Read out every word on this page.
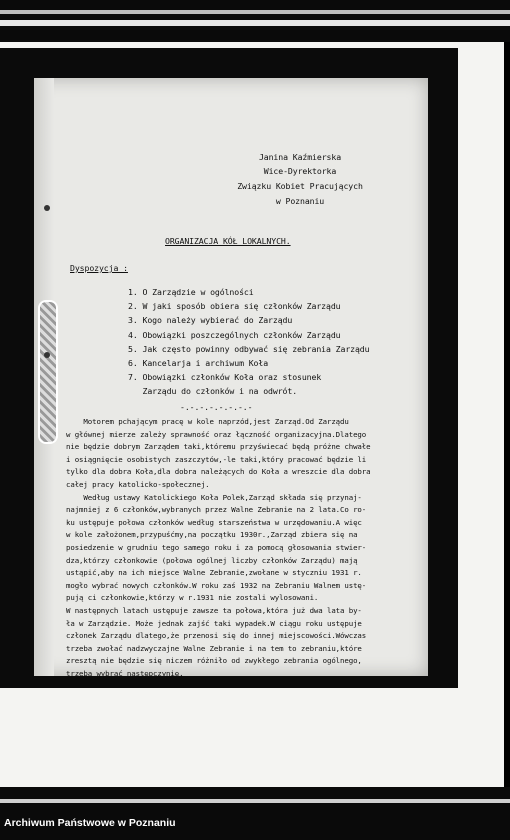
Janina Kaźmierska
Wice-Dyrektorka
Związku Kobiet Pracujących
w Poznaniu
ORGANIZACJA KÓŁ LOKALNYCH.
Dyspozycja :
1. O Zarządzie w ogólności
2. W jaki sposób obiera się członków Zarządu
3. Kogo należy wybierać do Zarządu
4. Obowiązki poszczególnych członków Zarządu
5. Jak często powinny odbywać się zebrania Zarządu
6. Kancelarja i archiwum Koła
7. Obowiązki członków Koła oraz stosunek
Zarządu do członków i na odwrót.
-.-.-.-.-.-.-.-
Motorem pchającym pracę w kole naprzód,jest Zarząd.Od Zarządu
w głównej mierze zależy sprawność oraz łączność organizacyjna.Dlatego
nie będzie dobrym Zarządem taki,któremu przyświecać będą próżne chwałe
i osiągnięcie osobistych zaszczytów,-le taki,który pracować będzie li
tylko dla dobra Koła,dla dobra należących do Koła a wreszcie dla dobra
całej pracy katolicko-społecznej.
Według ustawy Katolickiego Koła Polek,Zarząd składa się przynaj-
najmniej z 6 członków,wybranych przez Walne Zebranie na 2 lata.Co ro-
ku ustępuje połowa członków według starszeństwa w urzędowaniu.A więc
w kole założonem,przypuśćmy,na początku 1930r.,Zarząd zbiera się na
posiedzenie w grudniu tego samego roku i za pomocą głosowania stwier-
dza,którzy członkowie (połowa ogólnej liczby członków Zarządu) mają
ustąpić,aby na ich miejsce Walne Zebranie,zwołane w styczniu 1931 r.
mogło wybrać nowych członków.W roku zaś 1932 na Zebraniu Walnem ustę-
pują ci członkowie,którzy w r.1931 nie zostali wylosowani.
W następnych latach ustępuje zawsze ta połowa,która już dwa lata by-
ła w Zarządzie. Może jednak zajść taki wypadek.W ciągu roku ustępuje
członek Zarządu dlatego,że przenosi się do innej miejscowości.Wówczas
trzeba zwołać nadzwyczajne Walne Zebranie i na tem to zebraniu,które
zresztą nie będzie się niczem różniło od zwykłego zebrania ogólnego,
trzeba wybrać następczynię.
Archiwum Państwowe w Poznaniu
